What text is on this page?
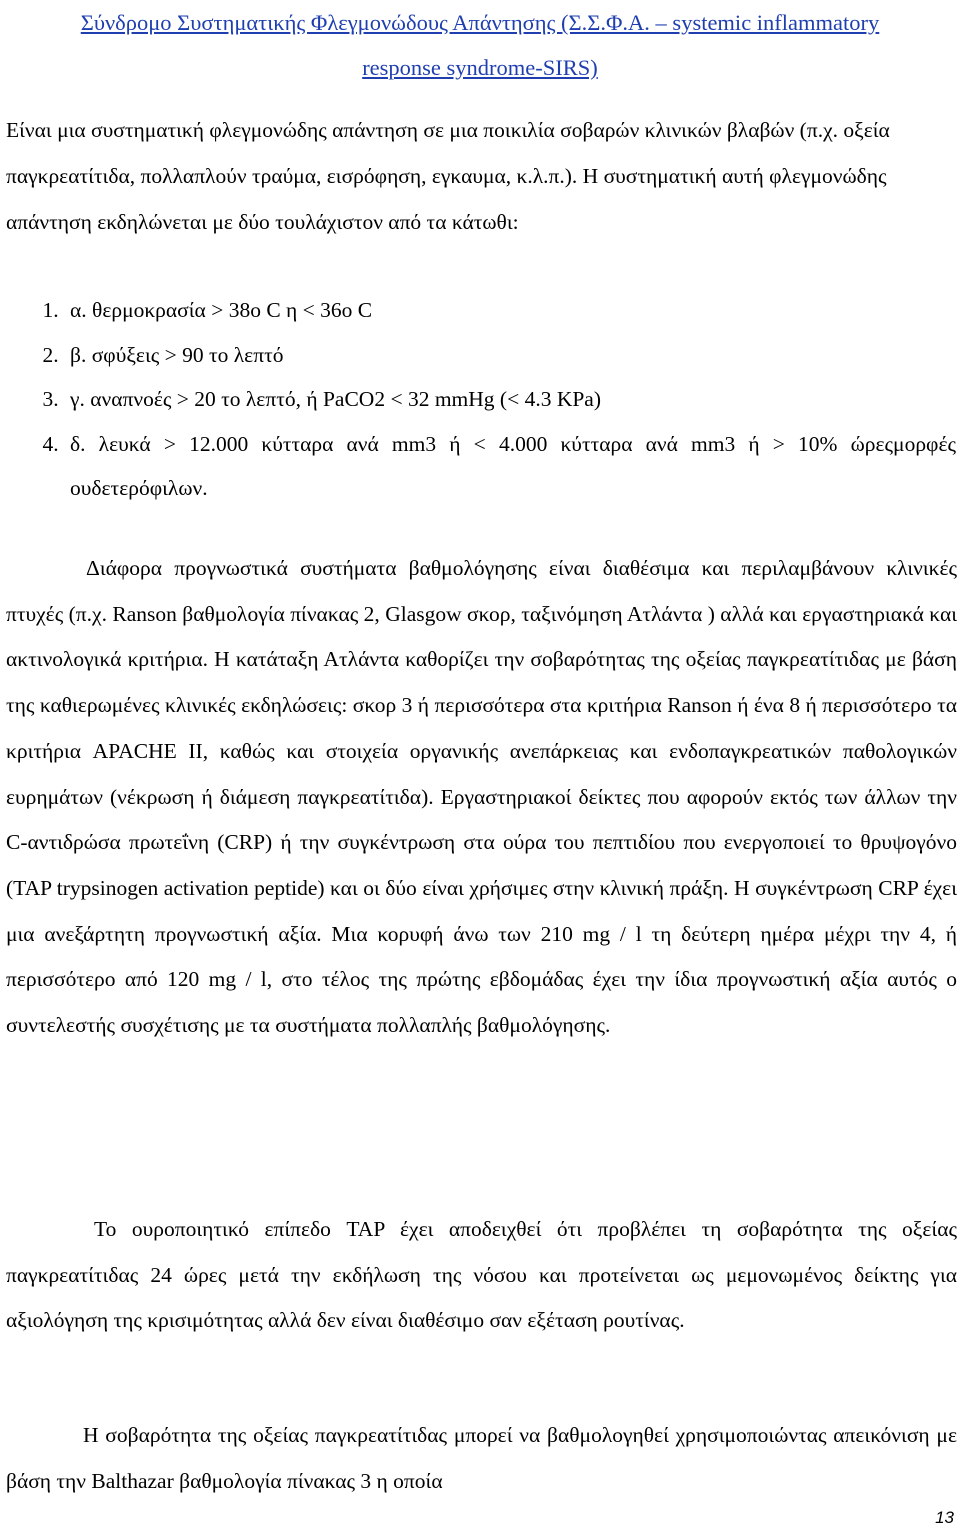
Σύνδρομο Συστηματικής Φλεγμονώδους Απάντησης (Σ.Σ.Φ.Α. – systemic inflammatory
response syndrome-SIRS)
Είναι μια συστηματική φλεγμονώδης απάντηση σε μια ποικιλία σοβαρών κλινικών βλαβών (π.χ. οξεία παγκρεατίτιδα, πολλαπλούν τραύμα, εισρόφηση, εγκαυμα, κ.λ.π.). Η συστηματική αυτή φλεγμονώδης απάντηση εκδηλώνεται με δύο τουλάχιστον από τα κάτωθι:
1. α. θερμοκρασία > 38ο C η < 36ο C
2. β. σφύξεις > 90 το λεπτό
3. γ. αναπνοές > 20 το λεπτό, ή PaCO2 < 32 mmHg (< 4.3 KPa)
4. δ. λευκά > 12.000 κύτταρα ανά mm3 ή < 4.000 κύτταρα ανά mm3 ή > 10% ώρεςμορφές ουδετερόφιλων.

Διάφορα προγνωστικά συστήματα βαθμολόγησης είναι διαθέσιμα και περιλαμβάνουν κλινικές πτυχές (π.χ. Ranson βαθμολογία πίνακας 2, Glasgow σκορ, ταξινόμηση Ατλάντα ) αλλά και εργαστηριακά και ακτινολογικά κριτήρια. Η κατάταξη Ατλάντα καθορίζει την σοβαρότητας της οξείας παγκρεατίτιδας με βάση της καθιερωμένες κλινικές εκδηλώσεις: σκορ 3 ή περισσότερα στα κριτήρια Ranson ή ένα 8 ή περισσότερο τα κριτήρια APACHE II, καθώς και στοιχεία οργανικής ανεπάρκειας και ενδοπαγκρεατικών παθολογικών ευρημάτων (νέκρωση ή διάμεση παγκρεατίτιδα). Εργαστηριακοί δείκτες που αφορούν εκτός των άλλων την C-αντιδρώσα πρωτεΐνη (CRP) ή την συγκέντρωση στα ούρα του πεπτιδίου που ενεργοποιεί το θρυψογόνο (TAP trypsinogen activation peptide) και οι δύο είναι χρήσιμες στην κλινική πράξη. Η συγκέντρωση CRP έχει μια ανεξάρτητη προγνωστική αξία. Μια κορυφή άνω των 210 mg / l τη δεύτερη ημέρα μέχρι την 4, ή περισσότερο από 120 mg / l, στο τέλος της πρώτης εβδομάδας έχει την ίδια προγνωστική αξία αυτός ο συντελεστής συσχέτισης με τα συστήματα πολλαπλής βαθμολόγησης.

Το ουροποιητικό επίπεδο TAP έχει αποδειχθεί ότι προβλέπει τη σοβαρότητα της οξείας παγκρεατίτιδας 24 ώρες μετά την εκδήλωση της νόσου και προτείνεται ως μεμονωμένος δείκτης για αξιολόγηση της κρισιμότητας αλλά δεν είναι διαθέσιμο σαν εξέταση ρουτίνας.

Η σοβαρότητα της οξείας παγκρεατίτιδας μπορεί να βαθμολογηθεί χρησιμοποιώντας απεικόνιση με βάση την Balthazar βαθμολογία πίνακας 3 η οποία

13
